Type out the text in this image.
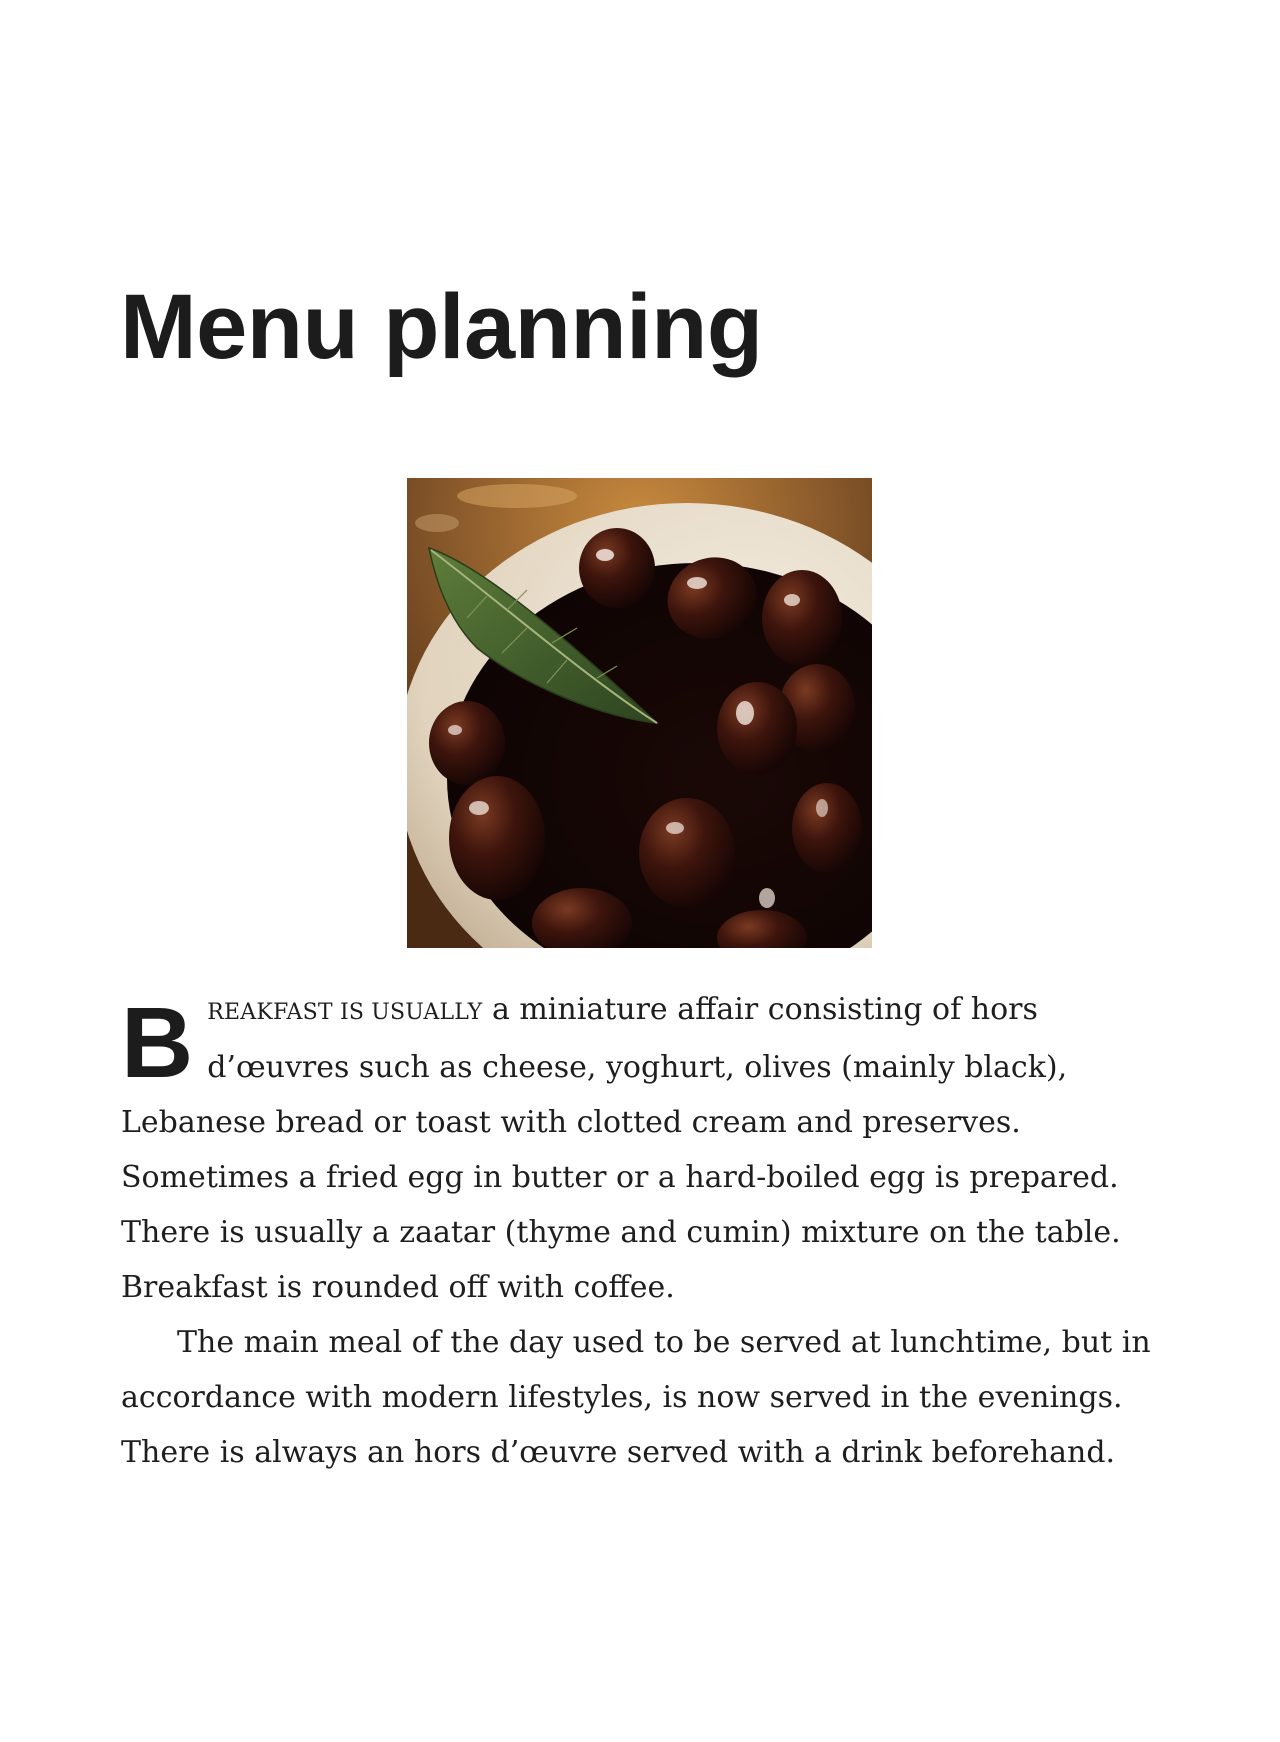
Menu planning

BREAKFAST IS USUALLY a miniature affair consisting of hors d’œuvres such as cheese, yoghurt, olives (mainly black), Lebanese bread or toast with clotted cream and preserves. Sometimes a fried egg in butter or a hard-boiled egg is prepared. There is usually a zaatar (thyme and cumin) mixture on the table. Breakfast is rounded off with coffee.

The main meal of the day used to be served at lunchtime, but in accordance with modern lifestyles, is now served in the evenings. There is always an hors d’œuvre served with a drink beforehand.
